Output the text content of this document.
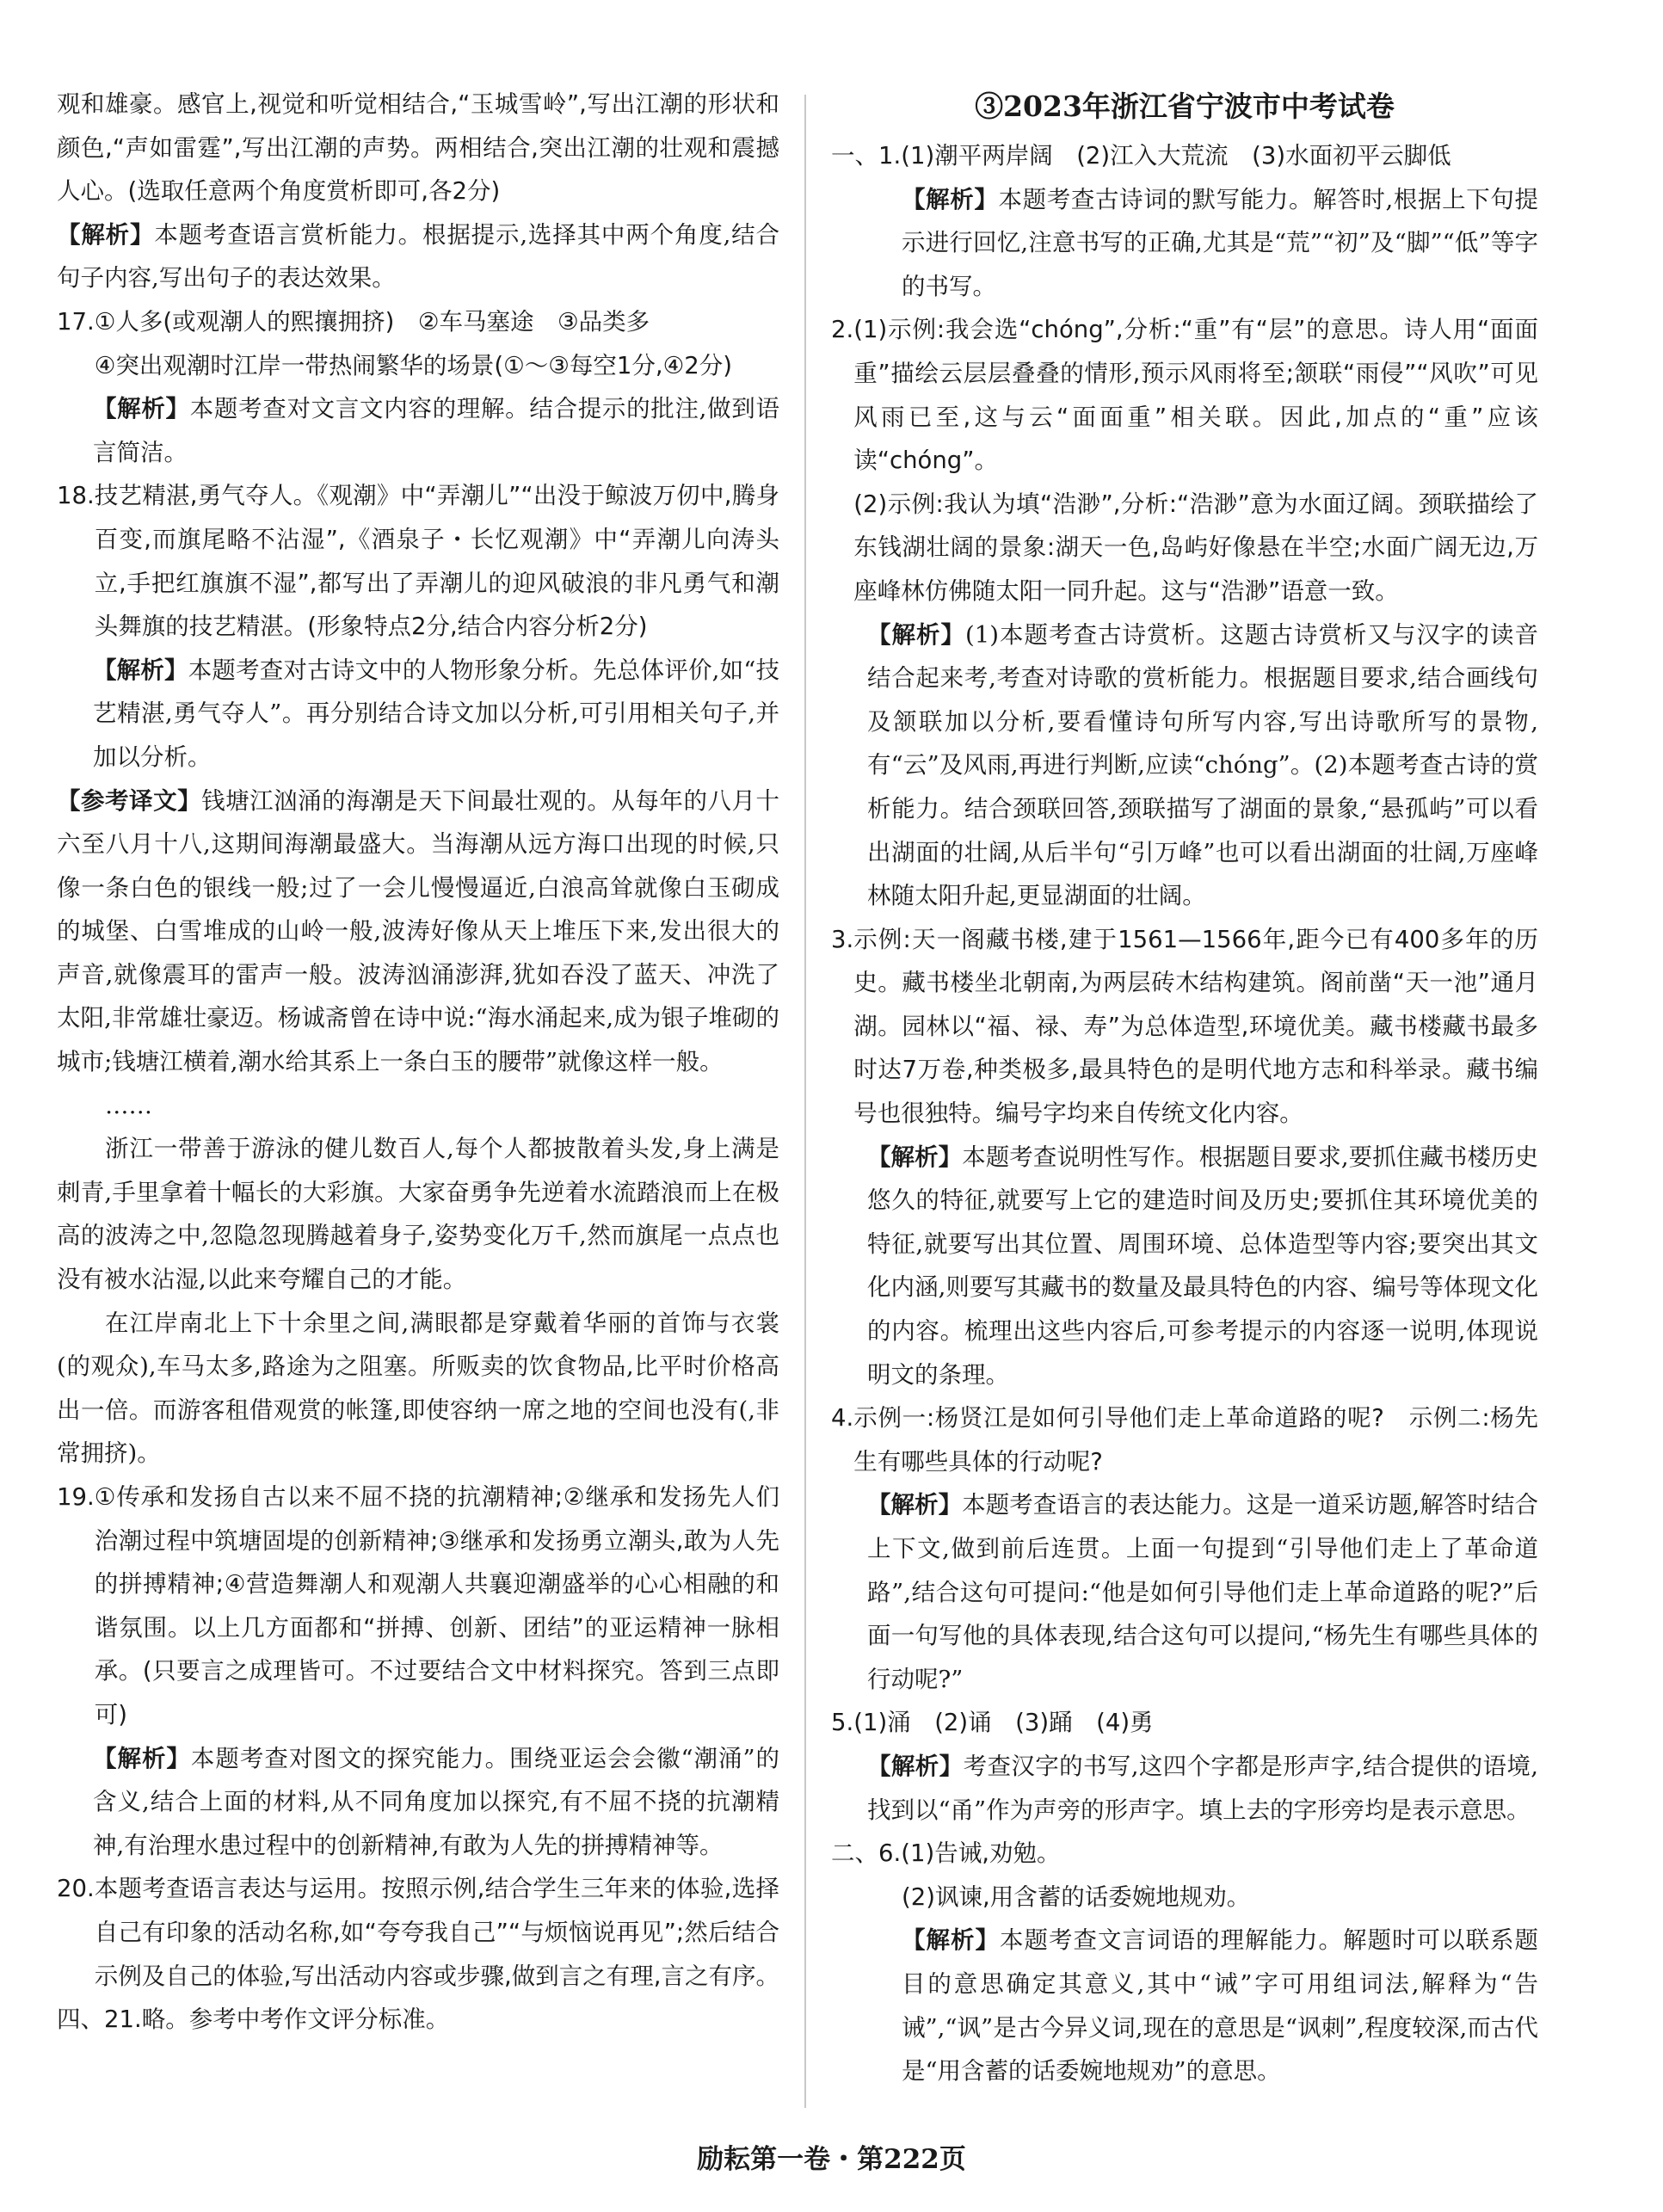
观和雄豪。感官上,视觉和听觉相结合,“玉城雪岭”,写出江潮的形状和颜色,“声如雷霆”,写出江潮的声势。两相结合,突出江潮的壮观和震撼人心。(选取任意两个角度赏析即可,各2分)

【解析】本题考查语言赏析能力。根据提示,选择其中两个角度,结合句子内容,写出句子的表达效果。

17. ①人多(或观潮人的熙攘拥挤)　②车马塞途　③品类多
④突出观潮时江岸一带热闹繁华的场景(①～③每空1分,④2分)

【解析】本题考查对文言文内容的理解。结合提示的批注,做到语言简洁。

18. 技艺精湛,勇气夺人。《观潮》中“弄潮儿”“出没于鲸波万仞中,腾身百变,而旗尾略不沾湿”,《酒泉子・长忆观潮》中“弄潮儿向涛头立,手把红旗旗不湿”,都写出了弄潮儿的迎风破浪的非凡勇气和潮头舞旗的技艺精湛。(形象特点2分,结合内容分析2分)

【解析】本题考查对古诗文中的人物形象分析。先总体评价,如“技艺精湛,勇气夺人”。再分别结合诗文加以分析,可引用相关句子,并加以分析。

【参考译文】钱塘江汹涌的海潮是天下间最壮观的。从每年的八月十六至八月十八,这期间海潮最盛大。当海潮从远方海口出现的时候,只像一条白色的银线一般;过了一会儿慢慢逼近,白浪高耸就像白玉砌成的城堡、白雪堆成的山岭一般,波涛好像从天上堆压下来,发出很大的声音,就像震耳的雷声一般。波涛汹涌澎湃,犹如吞没了蓝天、冲洗了太阳,非常雄壮豪迈。杨诚斋曾在诗中说:“海水涌起来,成为银子堆砌的城市;钱塘江横着,潮水给其系上一条白玉的腰带”就像这样一般。

……

浙江一带善于游泳的健儿数百人,每个人都披散着头发,身上满是刺青,手里拿着十幅长的大彩旗。大家奋勇争先逆着水流踏浪而上在极高的波涛之中,忽隐忽现腾越着身子,姿势变化万千,然而旗尾一点点也没有被水沾湿,以此来夸耀自己的才能。

在江岸南北上下十余里之间,满眼都是穿戴着华丽的首饰与衣裳(的观众),车马太多,路途为之阻塞。所贩卖的饮食物品,比平时价格高出一倍。而游客租借观赏的帐篷,即使容纳一席之地的空间也没有(,非常拥挤)。

19. ①传承和发扬自古以来不屈不挠的抗潮精神;②继承和发扬先人们治潮过程中筑塘固堤的创新精神;③继承和发扬勇立潮头,敢为人先的拼搏精神;④营造舞潮人和观潮人共襄迎潮盛举的心心相融的和谐氛围。以上几方面都和“拼搏、创新、团结”的亚运精神一脉相承。(只要言之成理皆可。不过要结合文中材料探究。答到三点即可)

【解析】本题考查对图文的探究能力。围绕亚运会会徽“潮涌”的含义,结合上面的材料,从不同角度加以探究,有不屈不挠的抗潮精神,有治理水患过程中的创新精神,有敢为人先的拼搏精神等。

20. 本题考查语言表达与运用。按照示例,结合学生三年来的体验,选择自己有印象的活动名称,如“夸夸我自己”“与烦恼说再见”;然后结合示例及自己的体验,写出活动内容或步骤,做到言之有理,言之有序。
四、21. 略。参考中考作文评分标准。
③2023年浙江省宁波市中考试卷
一、1. (1)潮平两岸阔　(2)江入大荒流　(3)水面初平云脚低

【解析】本题考查古诗词的默写能力。解答时,根据上下句提示进行回忆,注意书写的正确,尤其是“荒”“初”及“脚”“低”等字的书写。

2. (1)示例:我会选“chóng”,分析:“重”有“层”的意思。诗人用“面面重”描绘云层层叠叠的情形,预示风雨将至;颔联“雨侵”“风吹”可见风雨已至,这与云“面面重”相关联。因此,加点的“重”应该读“chóng”。
(2)示例:我认为填“浩渺”,分析:“浩渺”意为水面辽阔。颈联描绘了东钱湖壮阔的景象:湖天一色,岛屿好像悬在半空;水面广阔无边,万座峰林仿佛随太阳一同升起。这与“浩渺”语意一致。

【解析】(1)本题考查古诗赏析。这题古诗赏析又与汉字的读音结合起来考,考查对诗歌的赏析能力。根据题目要求,结合画线句及颔联加以分析,要看懂诗句所写内容,写出诗歌所写的景物,有“云”及风雨,再进行判断,应读“chóng”。(2)本题考查古诗的赏析能力。结合颈联回答,颈联描写了湖面的景象,“悬孤屿”可以看出湖面的壮阔,从后半句“引万峰”也可以看出湖面的壮阔,万座峰林随太阳升起,更显湖面的壮阔。

3. 示例:天一阁藏书楼,建于1561—1566年,距今已有400多年的历史。藏书楼坐北朝南,为两层砖木结构建筑。阁前凿“天一池”通月湖。园林以“福、禄、寿”为总体造型,环境优美。藏书楼藏书最多时达7万卷,种类极多,最具特色的是明代地方志和科举录。藏书编号也很独特。编号字均来自传统文化内容。

【解析】本题考查说明性写作。根据题目要求,要抓住藏书楼历史悠久的特征,就要写上它的建造时间及历史;要抓住其环境优美的特征,就要写出其位置、周围环境、总体造型等内容;要突出其文化内涵,则要写其藏书的数量及最具特色的内容、编号等体现文化的内容。梳理出这些内容后,可参考提示的内容逐一说明,体现说明文的条理。

4. 示例一:杨贤江是如何引导他们走上革命道路的呢?　示例二:杨先生有哪些具体的行动呢?

【解析】本题考查语言的表达能力。这是一道采访题,解答时结合上下文,做到前后连贯。上面一句提到“引导他们走上了革命道路”,结合这句可提问:“他是如何引导他们走上革命道路的呢?”后面一句写他的具体表现,结合这句可以提问,“杨先生有哪些具体的行动呢?”

5. (1)涌　(2)诵　(3)踊　(4)勇

【解析】考查汉字的书写,这四个字都是形声字,结合提供的语境,找到以“甬”作为声旁的形声字。填上去的字形旁均是表示意思。

二、6. (1)告诫,劝勉。

(2)讽谏,用含蓄的话委婉地规劝。

【解析】本题考查文言词语的理解能力。解题时可以联系题目的意思确定其意义,其中“诫”字可用组词法,解释为“告诫”,“讽”是古今异义词,现在的意思是“讽刺”,程度较深,而古代是“用含蓄的话委婉地规劝”的意思。

励耘第一卷・第222页
